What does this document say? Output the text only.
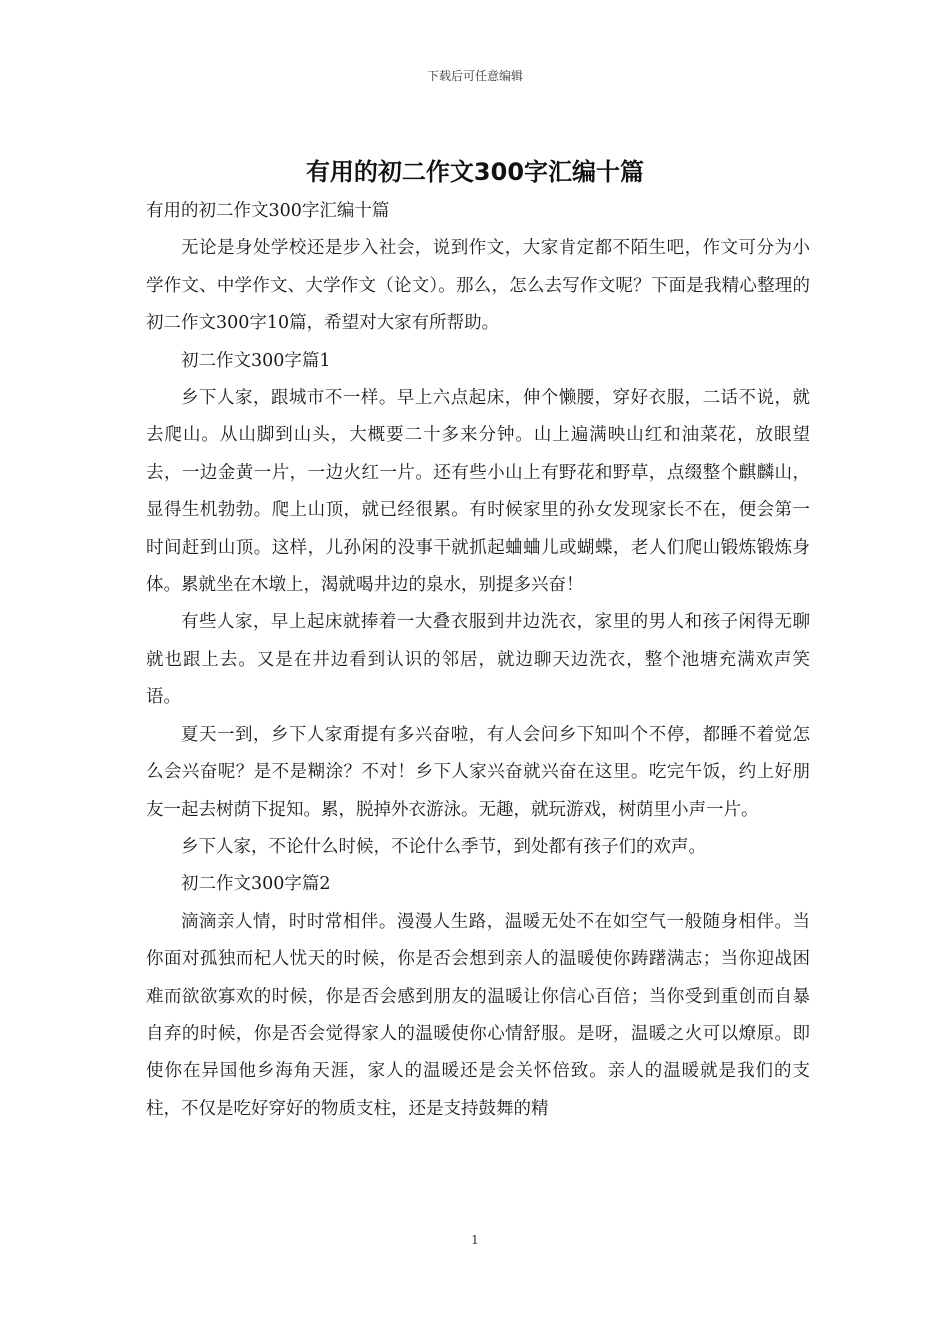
下载后可任意编辑
有用的初二作文300字汇编十篇

有用的初二作文300字汇编十篇

无论是身处学校还是步入社会，说到作文，大家肯定都不陌生吧，作文可分为小学作文、中学作文、大学作文（论文）。那么，怎么去写作文呢？下面是我精心整理的初二作文300字10篇，希望对大家有所帮助。

初二作文300字篇1

乡下人家，跟城市不一样。早上六点起床，伸个懒腰，穿好衣服，二话不说，就去爬山。从山脚到山头，大概要二十多来分钟。山上遍满映山红和油菜花，放眼望去，一边金黄一片，一边火红一片。还有些小山上有野花和野草，点缀整个麒麟山，显得生机勃勃。爬上山顶，就已经很累。有时候家里的孙女发现家长不在，便会第一时间赶到山顶。这样，儿孙闲的没事干就抓起蛐蛐儿或蝴蝶，老人们爬山锻炼锻炼身体。累就坐在木墩上，渴就喝井边的泉水，别提多兴奋！

有些人家，早上起床就捧着一大叠衣服到井边洗衣，家里的男人和孩子闲得无聊就也跟上去。又是在井边看到认识的邻居，就边聊天边洗衣，整个池塘充满欢声笑语。

夏天一到，乡下人家甭提有多兴奋啦，有人会问乡下知叫个不停，都睡不着觉怎么会兴奋呢？是不是糊涂？不对！乡下人家兴奋就兴奋在这里。吃完午饭，约上好朋友一起去树荫下捉知。累，脱掉外衣游泳。无趣，就玩游戏，树荫里小声一片。

乡下人家，不论什么时候，不论什么季节，到处都有孩子们的欢声。

初二作文300字篇2

滴滴亲人情，时时常相伴。漫漫人生路，温暖无处不在如空气一般随身相伴。当你面对孤独而杞人忧天的时候，你是否会想到亲人的温暖使你踌躇满志；当你迎战困难而欲欲寡欢的时候，你是否会感到朋友的温暖让你信心百倍；当你受到重创而自暴自弃的时候，你是否会觉得家人的温暖使你心情舒服。是呀，温暖之火可以燎原。即使你在异国他乡海角天涯，家人的温暖还是会关怀倍致。亲人的温暖就是我们的支柱，不仅是吃好穿好的物质支柱，还是支持鼓舞的精

1
